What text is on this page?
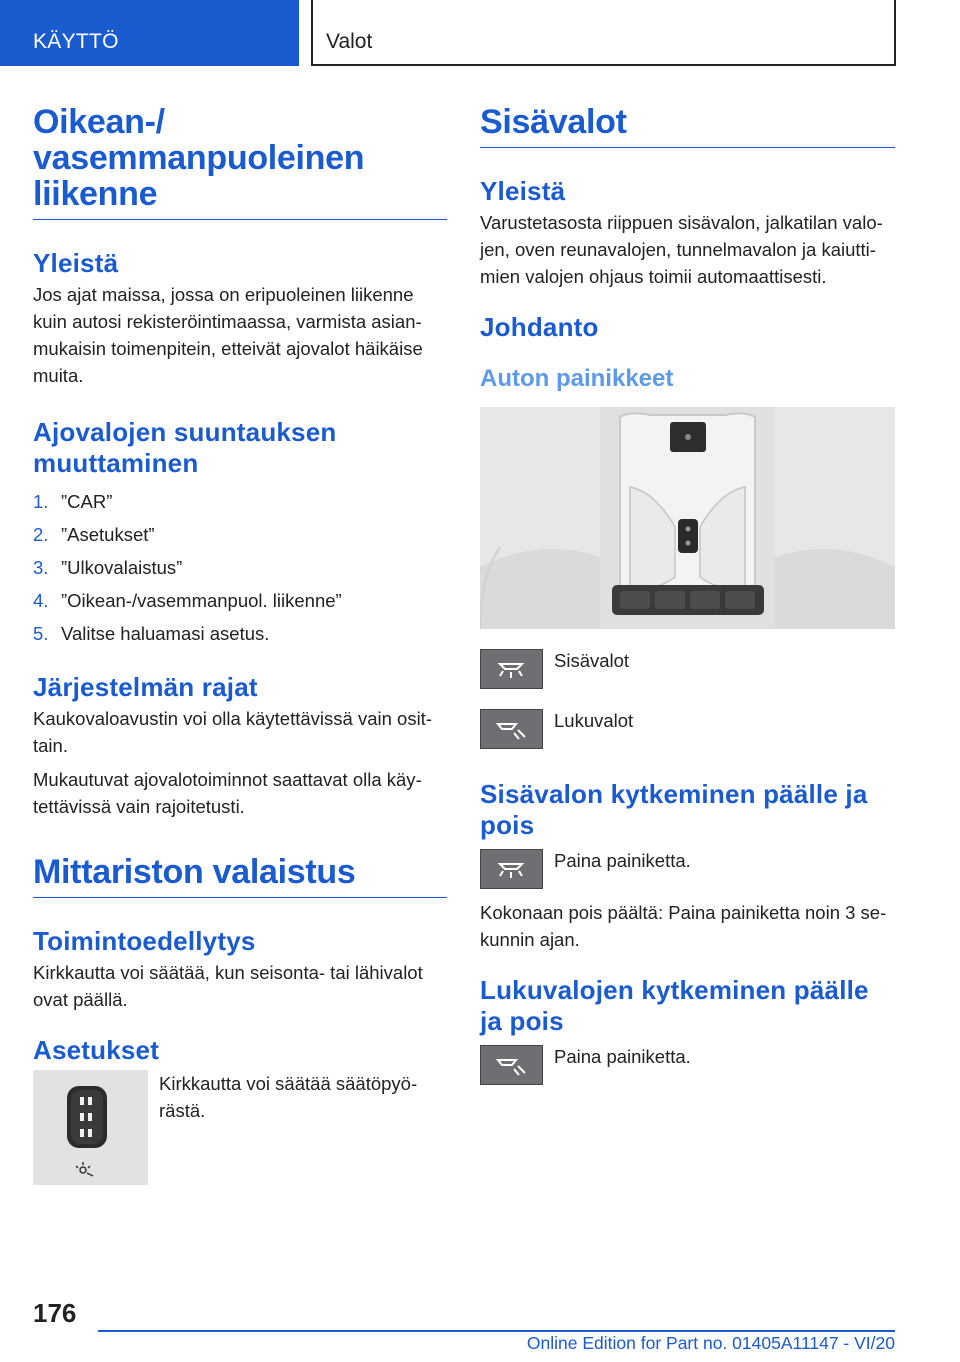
KÄYTTÖ	Valot
Oikean-/ vasemmanpuoleinen liikenne
Yleistä
Jos ajat maissa, jossa on eripuoleinen liikenne kuin autosi rekisteröintimaassa, varmista asianmukaisin toimenpitein, etteivät ajovalot häikäise muita.
Ajovalojen suuntauksen muuttaminen
1. ”CAR”
2. ”Asetukset”
3. ”Ulkovalaistus”
4. ”Oikean-/vasemmanpuol. liikenne”
5. Valitse haluamasi asetus.
Järjestelmän rajat
Kaukovaloavustin voi olla käytettävissä vain osittain.
Mukautuvat ajovalotoiminnot saattavat olla käytettävissä vain rajoitetusti.
Mittariston valaistus
Toimintoedellytys
Kirkkautta voi säätää, kun seisonta- tai lähivalot ovat päällä.
Asetukset
Kirkkautta voi säätää säätöpyörästä.
Sisävalot
Yleistä
Varustetasosta riippuen sisävalon, jalkatilan valojen, oven reunavalojen, tunnelmavalon ja kaiuttimien valojen ohjaus toimii automaattisesti.
Johdanto
Auton painikkeet
Sisävalot
Lukuvalot
Sisävalon kytkeminen päälle ja pois
Paina painiketta.
Kokonaan pois päältä: Paina painiketta noin 3 sekunnin ajan.
Lukuvalojen kytkeminen päälle ja pois
Paina painiketta.
176
Online Edition for Part no. 01405A11147 - VI/20
